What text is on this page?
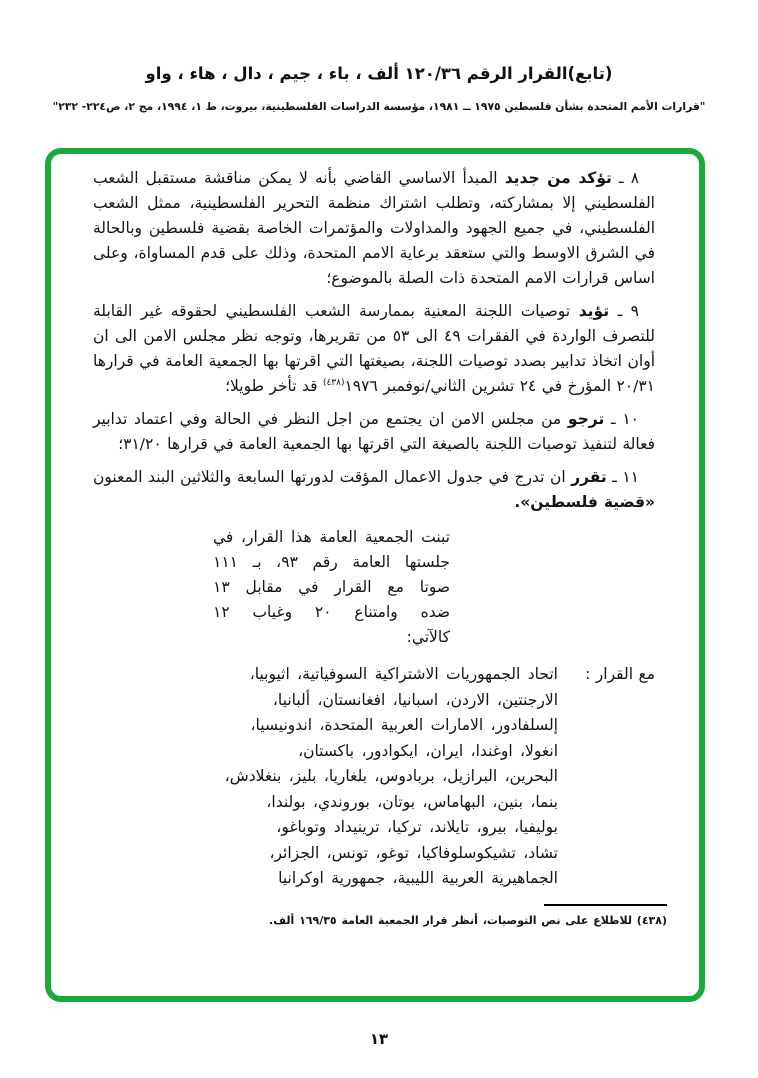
(تابع)القرار الرقم ١٢٠/٣٦ ألف ، باء ، جيم ، دال ، هاء ، واو
"قرارات الأمم المتحدة بشأن فلسطين ١٩٧٥ ــ ١٩٨١، مؤسسة الدراسات الفلسطينية، بيروت، ط ١، ١٩٩٤، مج ٢، ص٢٢٤- ٢٣٢"

٨ ـ تؤكد من جديد المبدأ الاساسي القاضي بأنه لا يمكن مناقشة مستقبل الشعب الفلسطيني إلا بمشاركته، وتطلب اشتراك منظمة التحرير الفلسطينية، ممثل الشعب الفلسطيني، في جميع الجهود والمداولات والمؤتمرات الخاصة بقضية فلسطين وبالحالة في الشرق الاوسط والتي ستعقد برعاية الامم المتحدة، وذلك على قدم المساواة، وعلى اساس قرارات الامم المتحدة ذات الصلة بالموضوع؛

٩ ـ تؤيد توصيات اللجنة المعنية بممارسة الشعب الفلسطيني لحقوقه غير القابلة للتصرف الواردة في الفقرات ٤٩ الى ٥٣ من تقريرها، وتوجه نظر مجلس الامن الى ان أوان اتخاذ تدابير بصدد توصيات اللجنة، بصيغتها التي اقرتها بها الجمعية العامة في قرارها ٢٠/٣١ المؤرخ في ٢٤ تشرين الثاني/نوفمبر ١٩٧٦$^{(٤٣٨)}$ قد تأخر طويلا؛

١٠ ـ ترجو من مجلس الامن ان يجتمع من اجل النظر في الحالة وفي اعتماد تدابير فعالة لتنفيذ توصيات اللجنة بالصيغة التي اقرتها بها الجمعية العامة في قرارها ٣١/٢٠؛

١١ ـ تقرر ان تدرج في جدول الاعمال المؤقت لدورتها السابعة والثلاثين البند المعنون «قضية فلسطين».

تبنت الجمعية العامة هذا القرار، في
جلستها العامة رقم ٩٣، بـ ١١١
صوتا مع القرار في مقابل ١٣
ضده وامتناع ٢٠ وغياب ١٢
كالآتي:
مع القرار :
اتحاد الجمهوريات الاشتراكية السوفياتية، اثيوبيا،
الارجنتين، الاردن، اسبانيا، افغانستان، ألبانيا،
إلسلفادور، الامارات العربية المتحدة، اندونيسيا،
انغولا، اوغندا، ايران، ايكوادور، باكستان،
البحرين، البرازيل، بربادوس، بلغاريا، بليز، بنغلادش،
بنما، بنين، البهاماس، بوتان، بوروندي، بولندا،
بوليفيا، بيرو، تايلاند، تركيا، ترينيداد وتوباغو،
تشاد، تشيكوسلوفاكيا، توغو، تونس، الجزائر،
الجماهيرية العربية الليبية، جمهورية اوكرانيا
(٤٣٨) للاطلاع على نص التوصيات، أنظر قرار الجمعية العامة ١٦٩/٣٥ ألف.
١٣
